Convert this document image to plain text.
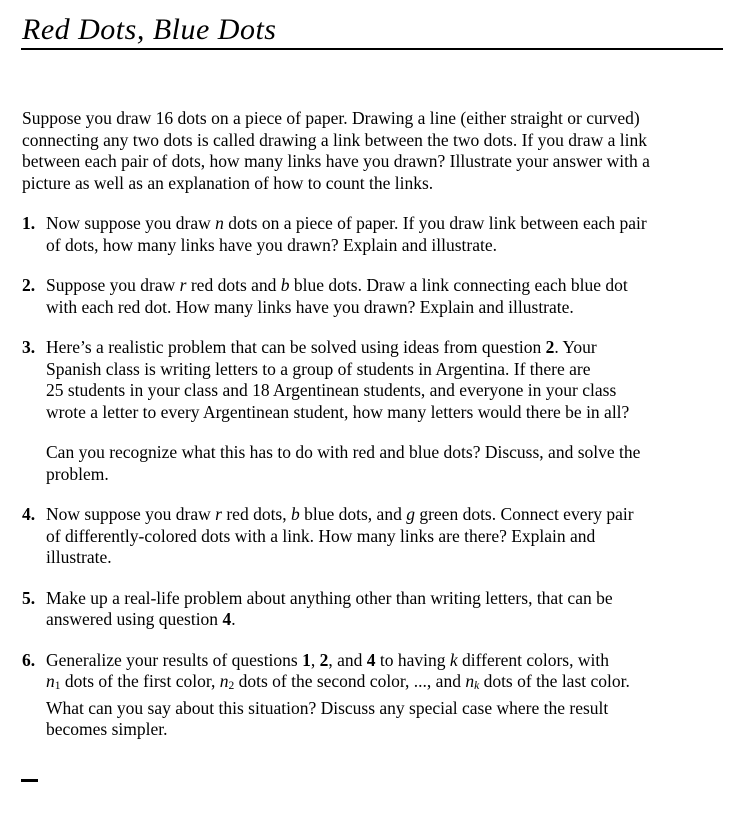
Red Dots, Blue Dots

Suppose you draw 16 dots on a piece of paper. Drawing a line (either straight or curved)
connecting any two dots is called drawing a link between the two dots. If you draw a link
between each pair of dots, how many links have you drawn? Illustrate your answer with a
picture as well as an explanation of how to count the links.

1. Now suppose you draw n dots on a piece of paper. If you draw link between each pair
of dots, how many links have you drawn? Explain and illustrate.

2. Suppose you draw r red dots and b blue dots. Draw a link connecting each blue dot
with each red dot. How many links have you drawn? Explain and illustrate.

3. Here’s a realistic problem that can be solved using ideas from question 2. Your
Spanish class is writing letters to a group of students in Argentina. If there are
25 students in your class and 18 Argentinean students, and everyone in your class
wrote a letter to every Argentinean student, how many letters would there be in all?

Can you recognize what this has to do with red and blue dots? Discuss, and solve the
problem.

4. Now suppose you draw r red dots, b blue dots, and g green dots. Connect every pair
of differently-colored dots with a link. How many links are there? Explain and
illustrate.

5. Make up a real-life problem about anything other than writing letters, that can be
answered using question 4.

6. Generalize your results of questions 1, 2, and 4 to having k different colors, with
n1 dots of the first color, n2 dots of the second color, ..., and nk dots of the last color.
What can you say about this situation? Discuss any special case where the result
becomes simpler.
